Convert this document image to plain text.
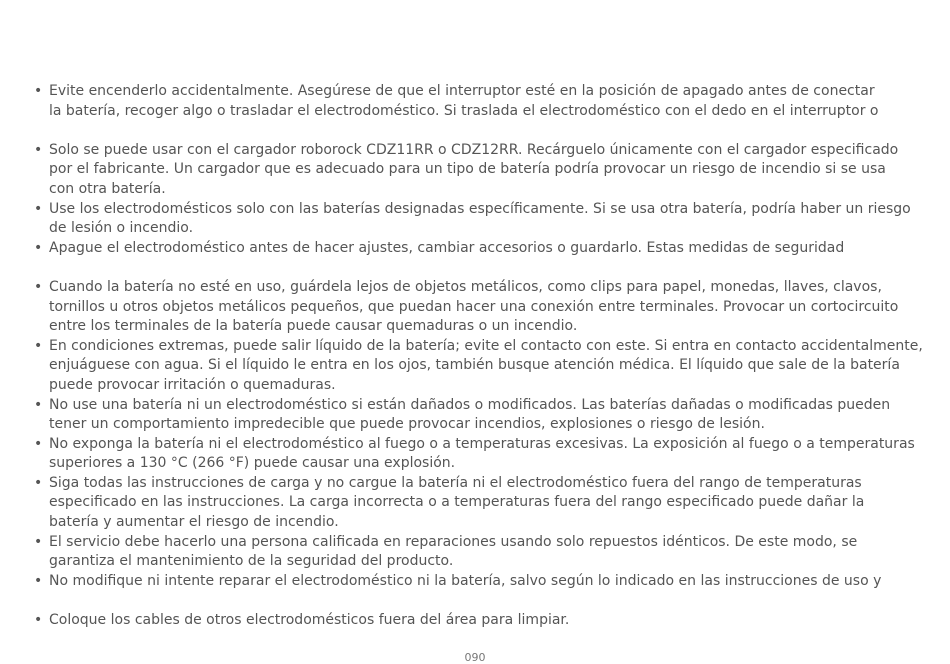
• Evite encenderlo accidentalmente. Asegúrese de que el interruptor esté en la posición de apagado antes de conectar
la batería, recoger algo o trasladar el electrodoméstico. Si traslada el electrodoméstico con el dedo en el interruptor o
• Solo se puede usar con el cargador roborock CDZ11RR o CDZ12RR. Recárguelo únicamente con el cargador especificado
por el fabricante. Un cargador que es adecuado para un tipo de batería podría provocar un riesgo de incendio si se usa
con otra batería.
• Use los electrodomésticos solo con las baterías designadas específicamente. Si se usa otra batería, podría haber un riesgo
de lesión o incendio.
• Apague el electrodoméstico antes de hacer ajustes, cambiar accesorios o guardarlo. Estas medidas de seguridad
• Cuando la batería no esté en uso, guárdela lejos de objetos metálicos, como clips para papel, monedas, llaves, clavos,
tornillos u otros objetos metálicos pequeños, que puedan hacer una conexión entre terminales. Provocar un cortocircuito
entre los terminales de la batería puede causar quemaduras o un incendio.
• En condiciones extremas, puede salir líquido de la batería; evite el contacto con este. Si entra en contacto accidentalmente,
enjuáguese con agua. Si el líquido le entra en los ojos, también busque atención médica. El líquido que sale de la batería
puede provocar irritación o quemaduras.
• No use una batería ni un electrodoméstico si están dañados o modificados. Las baterías dañadas o modificadas pueden
tener un comportamiento impredecible que puede provocar incendios, explosiones o riesgo de lesión.
• No exponga la batería ni el electrodoméstico al fuego o a temperaturas excesivas. La exposición al fuego o a temperaturas
superiores a 130 °C (266 °F) puede causar una explosión.
• Siga todas las instrucciones de carga y no cargue la batería ni el electrodoméstico fuera del rango de temperaturas
especificado en las instrucciones. La carga incorrecta o a temperaturas fuera del rango especificado puede dañar la
batería y aumentar el riesgo de incendio.
• El servicio debe hacerlo una persona calificada en reparaciones usando solo repuestos idénticos. De este modo, se
garantiza el mantenimiento de la seguridad del producto.
• No modifique ni intente reparar el electrodoméstico ni la batería, salvo según lo indicado en las instrucciones de uso y
• Coloque los cables de otros electrodomésticos fuera del área para limpiar.
090
